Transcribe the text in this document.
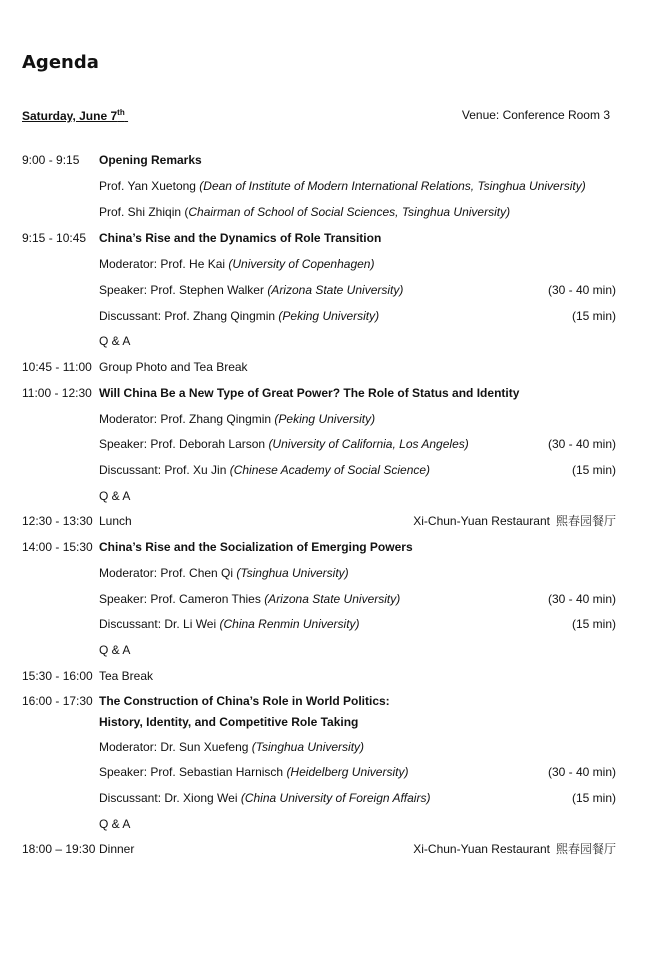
Agenda
Saturday, June 7th	Venue: Conference Room 3
9:00 - 9:15 Opening Remarks
Prof. Yan Xuetong (Dean of Institute of Modern International Relations, Tsinghua University)
Prof. Shi Zhiqin (Chairman of School of Social Sciences, Tsinghua University)
9:15 - 10:45 China’s Rise and the Dynamics of Role Transition
Moderator: Prof. He Kai (University of Copenhagen)
Speaker: Prof. Stephen Walker (Arizona State University)	(30 - 40 min)
Discussant: Prof. Zhang Qingmin (Peking University)	(15 min)
Q & A
10:45 - 11:00 Group Photo and Tea Break
11:00 - 12:30 Will China Be a New Type of Great Power? The Role of Status and Identity
Moderator: Prof. Zhang Qingmin (Peking University)
Speaker: Prof. Deborah Larson (University of California, Los Angeles)	(30 - 40 min)
Discussant: Prof. Xu Jin (Chinese Academy of Social Science)	(15 min)
Q & A
12:30 - 13:30 Lunch	Xi-Chun-Yuan Restaurant 熙春园餐厅
14:00 - 15:30 China’s Rise and the Socialization of Emerging Powers
Moderator: Prof. Chen Qi (Tsinghua University)
Speaker: Prof. Cameron Thies (Arizona State University)	(30 - 40 min)
Discussant: Dr. Li Wei (China Renmin University)	(15 min)
Q & A
15:30 - 16:00 Tea Break
16:00 - 17:30 The Construction of China’s Role in World Politics:
History, Identity, and Competitive Role Taking
Moderator: Dr. Sun Xuefeng (Tsinghua University)
Speaker: Prof. Sebastian Harnisch (Heidelberg University)	(30 - 40 min)
Discussant: Dr. Xiong Wei (China University of Foreign Affairs)	(15 min)
Q & A
18:00 – 19:30 Dinner	Xi-Chun-Yuan Restaurant 熙春园餐厅
